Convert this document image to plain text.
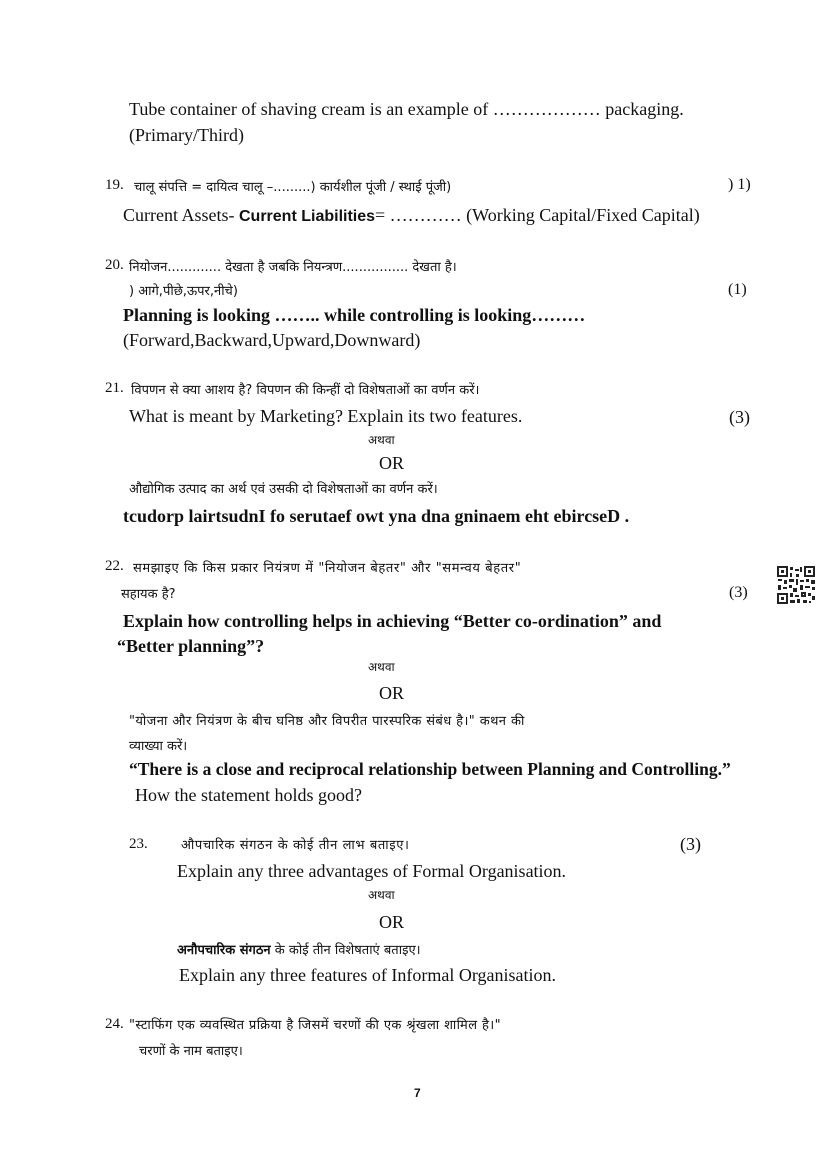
Tube container of shaving cream is an example of ……………… packaging.
(Primary/Third)
19. चालू संपत्ति = दायित्व चालू –.........) कार्यशील पूंजी / स्थाई पूंजी)	) 1)
Current Assets- Current Liabilities= ………… (Working Capital/Fixed Capital)
20. नियोजन............. देखता है जबकि नियन्त्रण................ देखता है।
) आगे,पीछे,ऊपर,नीचे)	(1)
Planning is looking …….. while controlling is looking………
(Forward,Backward,Upward,Downward)
21. विपणन से क्या आशय है? विपणन की किन्हीं दो विशेषताओं का वर्णन करें।
What is meant by Marketing? Explain its two features.	(3)
अथवा
OR
औद्योगिक उत्पाद का अर्थ एवं उसकी दो विशेषताओं का वर्णन करें।
tcudorp lairtsudnI fo serutaef owt yna dna gninaem eht ebircseD .
22. समझाइए कि किस प्रकार नियंत्रण में "नियोजन बेहतर" और "समन्वय बेहतर"
सहायक है?	(3)
Explain how controlling helps in achieving “Better co-ordination” and
“Better planning”?
अथवा
OR
"योजना और नियंत्रण के बीच घनिष्ठ और विपरीत पारस्परिक संबंध है।" कथन की
व्याख्या करें।
“There is a close and reciprocal relationship between Planning and Controlling.”
How the statement holds good?
23.	औपचारिक संगठन के कोई तीन लाभ बताइए।	(3)
Explain any three advantages of Formal Organisation.
अथवा
OR
अनौपचारिक संगठन के कोई तीन विशेषताएं बताइए।
Explain any three features of Informal Organisation.
24. "स्टाफिंग एक व्यवस्थित प्रक्रिया है जिसमें चरणों की एक श्रृंखला शामिल है।"
चरणों के नाम बताइए।
7
